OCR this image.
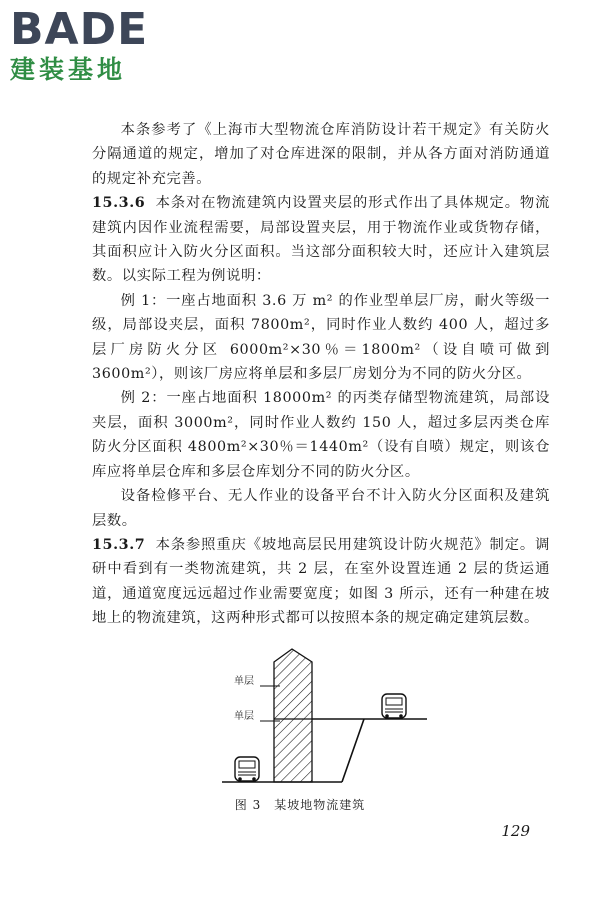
BADE
建装基地

本条参考了《上海市大型物流仓库消防设计若干规定》有关防火分隔通道的规定，增加了对仓库进深的限制，并从各方面对消防通道的规定补充完善。

15.3.6 本条对在物流建筑内设置夹层的形式作出了具体规定。物流建筑内因作业流程需要，局部设置夹层，用于物流作业或货物存储，其面积应计入防火分区面积。当这部分面积较大时，还应计入建筑层数。以实际工程为例说明：

例 1：一座占地面积 3.6 万 m² 的作业型单层厂房，耐火等级一级，局部设夹层，面积 7800m²，同时作业人数约 400 人，超过多层厂房防火分区 6000m²×30％＝1800m²（设自喷可做到 3600m²），则该厂房应将单层和多层厂房划分为不同的防火分区。

例 2：一座占地面积 18000m² 的丙类存储型物流建筑，局部设夹层，面积 3000m²，同时作业人数约 150 人，超过多层丙类仓库防火分区面积 4800m²×30％＝1440m²（设有自喷）规定，则该仓库应将单层仓库和多层仓库划分不同的防火分区。

设备检修平台、无人作业的设备平台不计入防火分区面积及建筑层数。

15.3.7 本条参照重庆《坡地高层民用建筑设计防火规范》制定。调研中看到有一类物流建筑，共 2 层，在室外设置连通 2 层的货运通道，通道宽度远远超过作业需要宽度；如图 3 所示，还有一种建在坡地上的物流建筑，这两种形式都可以按照本条的规定确定建筑层数。

单层
单层
图 3　某坡地物流建筑
129
